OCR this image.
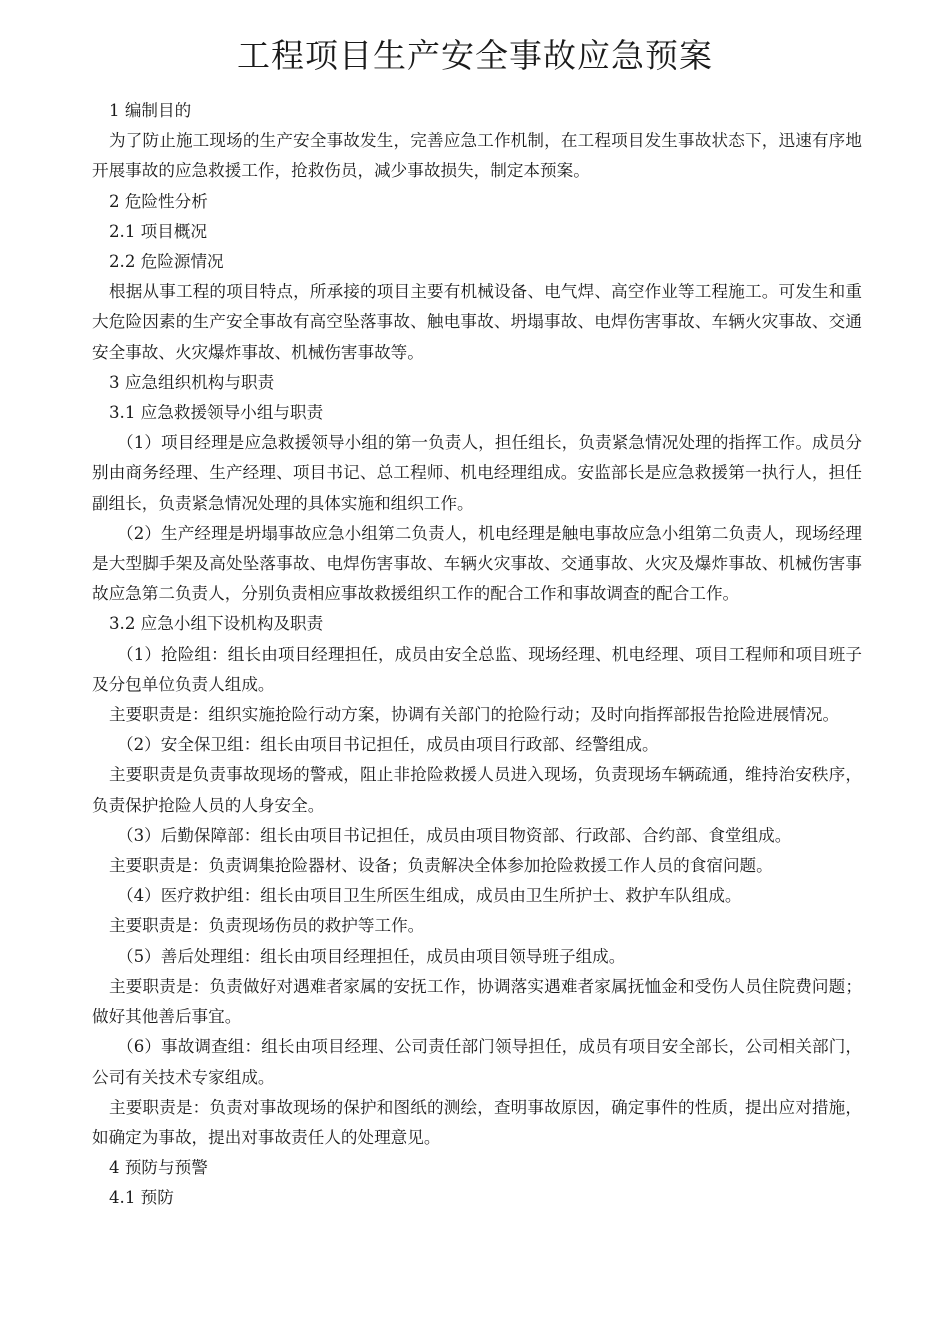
工程项目生产安全事故应急预案

1 编制目的

为了防止施工现场的生产安全事故发生，完善应急工作机制，在工程项目发生事故状态下，迅速有序地开展事故的应急救援工作，抢救伤员，减少事故损失，制定本预案。

2 危险性分析

2.1 项目概况

2.2 危险源情况

根据从事工程的项目特点，所承接的项目主要有机械设备、电气焊、高空作业等工程施工。可发生和重大危险因素的生产安全事故有高空坠落事故、触电事故、坍塌事故、电焊伤害事故、车辆火灾事故、交通安全事故、火灾爆炸事故、机械伤害事故等。

3 应急组织机构与职责

3.1 应急救援领导小组与职责

（1）项目经理是应急救援领导小组的第一负责人，担任组长，负责紧急情况处理的指挥工作。成员分别由商务经理、生产经理、项目书记、总工程师、机电经理组成。安监部长是应急救援第一执行人，担任副组长，负责紧急情况处理的具体实施和组织工作。

（2）生产经理是坍塌事故应急小组第二负责人，机电经理是触电事故应急小组第二负责人，现场经理是大型脚手架及高处坠落事故、电焊伤害事故、车辆火灾事故、交通事故、火灾及爆炸事故、机械伤害事故应急第二负责人，分别负责相应事故救援组织工作的配合工作和事故调查的配合工作。

3.2 应急小组下设机构及职责

（1）抢险组：组长由项目经理担任，成员由安全总监、现场经理、机电经理、项目工程师和项目班子及分包单位负责人组成。

主要职责是：组织实施抢险行动方案，协调有关部门的抢险行动；及时向指挥部报告抢险进展情况。

（2）安全保卫组：组长由项目书记担任，成员由项目行政部、经警组成。

主要职责是负责事故现场的警戒，阻止非抢险救援人员进入现场，负责现场车辆疏通，维持治安秩序，负责保护抢险人员的人身安全。

（3）后勤保障部：组长由项目书记担任，成员由项目物资部、行政部、合约部、食堂组成。

主要职责是：负责调集抢险器材、设备；负责解决全体参加抢险救援工作人员的食宿问题。

（4）医疗救护组：组长由项目卫生所医生组成，成员由卫生所护士、救护车队组成。

主要职责是：负责现场伤员的救护等工作。

（5）善后处理组：组长由项目经理担任，成员由项目领导班子组成。

主要职责是：负责做好对遇难者家属的安抚工作，协调落实遇难者家属抚恤金和受伤人员住院费问题；做好其他善后事宜。

（6）事故调查组：组长由项目经理、公司责任部门领导担任，成员有项目安全部长，公司相关部门，公司有关技术专家组成。

主要职责是：负责对事故现场的保护和图纸的测绘，查明事故原因，确定事件的性质，提出应对措施，如确定为事故，提出对事故责任人的处理意见。

4 预防与预警

4.1 预防
